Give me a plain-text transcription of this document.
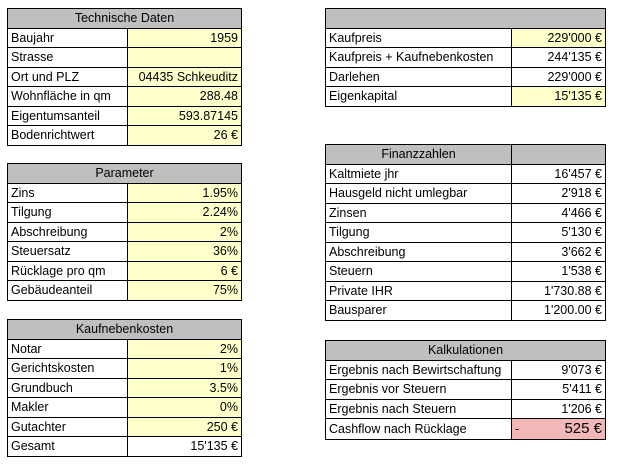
Technische Daten
Baujahr	1959
Strasse
Ort und PLZ	04435 Schkeuditz
Wohnfläche in qm	288.48
Eigentumsanteil	593.87145
Bodenrichtwert	26 €
Parameter
Zins	1.95%
Tilgung	2.24%
Abschreibung	2%
Steuersatz	36%
Rücklage pro qm	6 €
Gebäudeanteil	75%
Kaufnebenkosten
Notar	2%
Gerichtskosten	1%
Grundbuch	3.5%
Makler	0%
Gutachter	250 €
Gesamt	15'135 €
Kaufpreis	229'000 €
Kaufpreis + Kaufnebenkosten	244'135 €
Darlehen	229'000 €
Eigenkapital	15'135 €
Finanzzahlen
Kaltmiete jhr	16'457 €
Hausgeld nicht umlegbar	2'918 €
Zinsen	4'466 €
Tilgung	5'130 €
Abschreibung	3'662 €
Steuern	1'538 €
Private IHR	1'730.88 €
Bausparer	1'200.00 €
Kalkulationen
Ergebnis nach Bewirtschaftung	9'073 €
Ergebnis vor Steuern	5'411 €
Ergebnis nach Steuern	1'206 €
Cashflow nach Rücklage	-	525 €
